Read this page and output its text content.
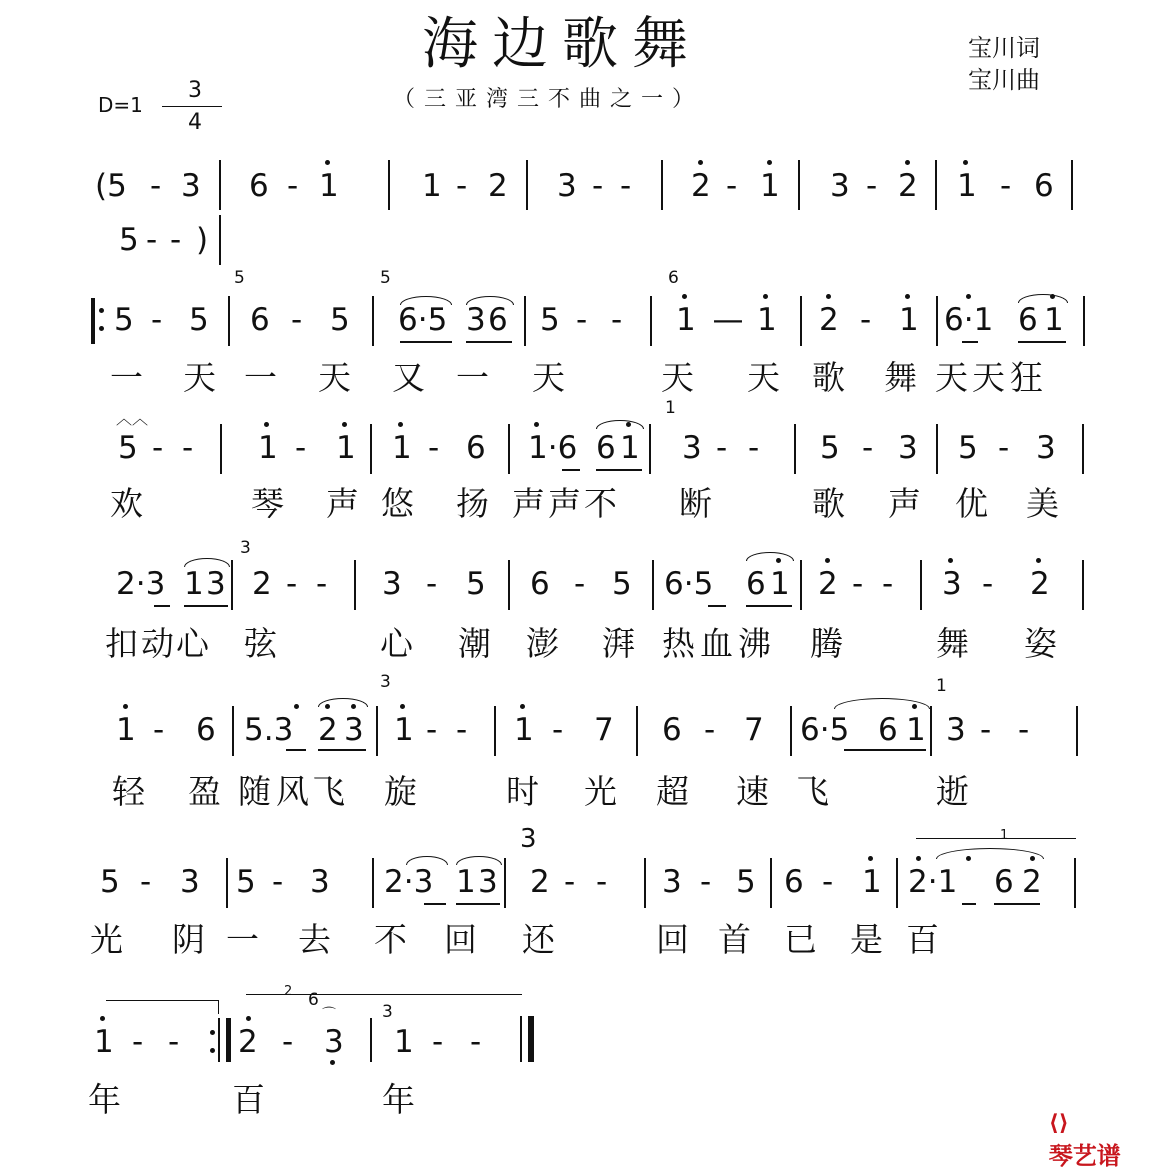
海边歌舞	宝川词
宝川曲
（三亚湾三不曲之一）
D=1
3
4
(5 - 3 6 - 1	1 - 2 3 - - 2 - 1 3 - 2 1 - 6
5 - - )
5 - 5
5
6 - 5
5
6·5 3 6 5 - -
6
1 — 1 2 - 1 6·1 6 1
一 天 一 天 又 一 天	天 天 歌 舞 天 天 狂
︿︿
5 - - 1 - 1 1 - 6 1·6 6 1
1
3 - - 5 - 3 5 - 3
欢	琴 声 悠 扬 声 声 不 断	歌 声 优 美
2·3 1 3
3
2 - - 3 - 5 6 - 5 6·5 6 1 2 - - 3 - 2
扣 动 心 弦	心 潮 澎 湃 热 血 沸 腾	舞 姿
1 - 6 5.3 2 3
3
1 - - 1 - 7 6 - 7 6·5 6 1
1
3 - -
轻 盈 随 风 飞 旋	时 光 超 速 飞	逝
5 - 3 5 - 3 2·3 1 3
3
2 - - 3 - 5 6 - 1
1
2·1 6 2
光 阴 一 去 不 回 还	回 首 已 是 百
1 - -
2
2 -
6
⌒
3
3
1 - -
年	百	年

⟨⟩
琴艺谱
